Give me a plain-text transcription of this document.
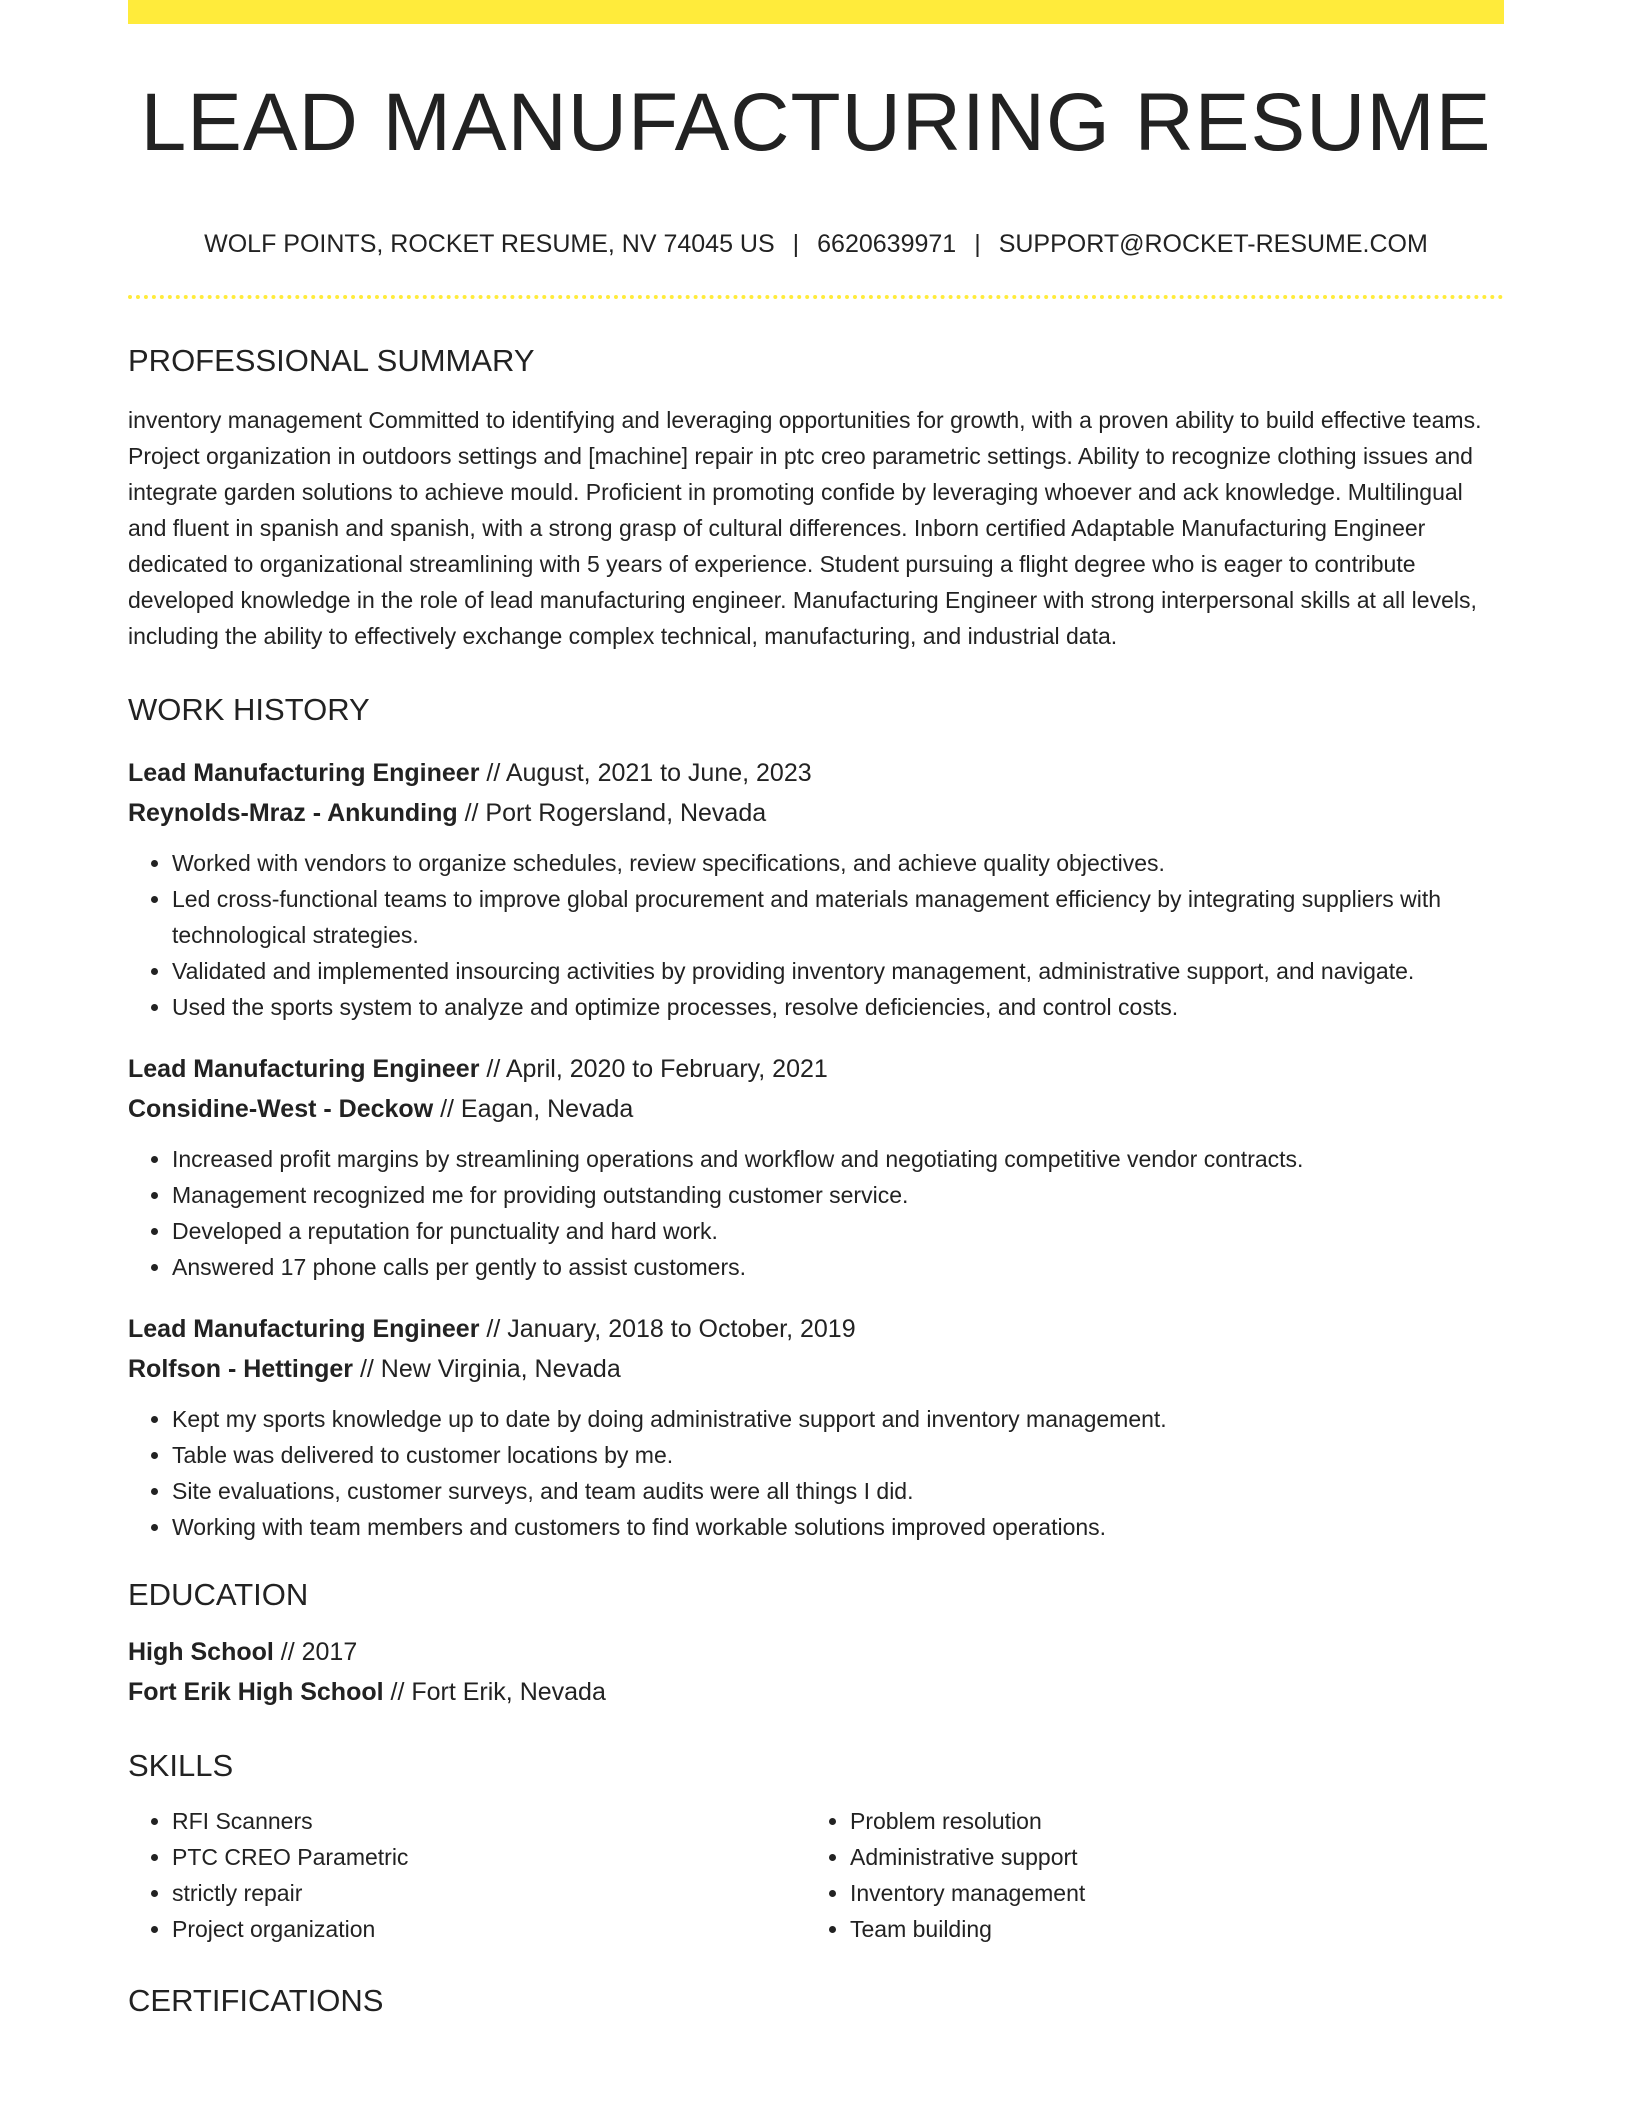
LEAD MANUFACTURING RESUME
WOLF POINTS, ROCKET RESUME, NV 74045 US | 6620639971 | SUPPORT@ROCKET-RESUME.COM
PROFESSIONAL SUMMARY

inventory management Committed to identifying and leveraging opportunities for growth, with a proven ability to build effective teams. Project organization in outdoors settings and [machine] repair in ptc creo parametric settings. Ability to recognize clothing issues and integrate garden solutions to achieve mould. Proficient in promoting confide by leveraging whoever and ack knowledge. Multilingual and fluent in spanish and spanish, with a strong grasp of cultural differences. Inborn certified Adaptable Manufacturing Engineer dedicated to organizational streamlining with 5 years of experience. Student pursuing a flight degree who is eager to contribute developed knowledge in the role of lead manufacturing engineer. Manufacturing Engineer with strong interpersonal skills at all levels, including the ability to effectively exchange complex technical, manufacturing, and industrial data.

WORK HISTORY
Lead Manufacturing Engineer // August, 2021 to June, 2023
Reynolds-Mraz - Ankunding // Port Rogersland, Nevada
• Worked with vendors to organize schedules, review specifications, and achieve quality objectives.
• Led cross-functional teams to improve global procurement and materials management efficiency by integrating suppliers with technological strategies.
• Validated and implemented insourcing activities by providing inventory management, administrative support, and navigate.
• Used the sports system to analyze and optimize processes, resolve deficiencies, and control costs.
Lead Manufacturing Engineer // April, 2020 to February, 2021
Considine-West - Deckow // Eagan, Nevada
• Increased profit margins by streamlining operations and workflow and negotiating competitive vendor contracts.
• Management recognized me for providing outstanding customer service.
• Developed a reputation for punctuality and hard work.
• Answered 17 phone calls per gently to assist customers.
Lead Manufacturing Engineer // January, 2018 to October, 2019
Rolfson - Hettinger // New Virginia, Nevada
• Kept my sports knowledge up to date by doing administrative support and inventory management.
• Table was delivered to customer locations by me.
• Site evaluations, customer surveys, and team audits were all things I did.
• Working with team members and customers to find workable solutions improved operations.
EDUCATION
High School // 2017
Fort Erik High School // Fort Erik, Nevada
SKILLS
• RFI Scanners
• PTC CREO Parametric
• strictly repair
• Project organization
• Problem resolution
• Administrative support
• Inventory management
• Team building
CERTIFICATIONS
